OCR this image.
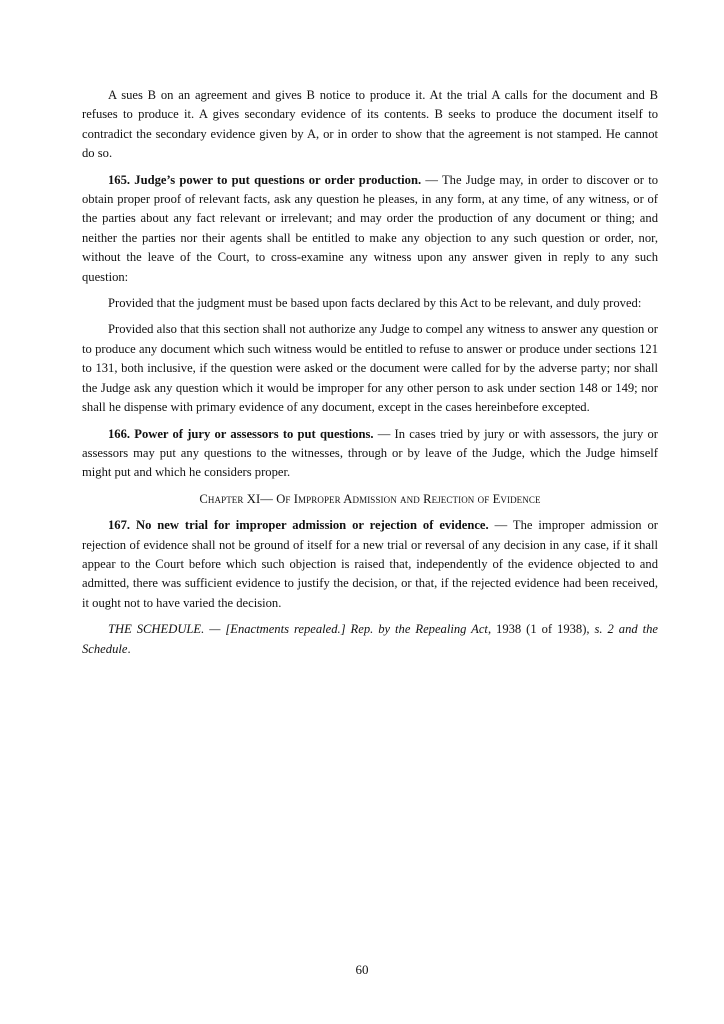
A sues B on an agreement and gives B notice to produce it. At the trial A calls for the document and B refuses to produce it. A gives secondary evidence of its contents. B seeks to produce the document itself to contradict the secondary evidence given by A, or in order to show that the agreement is not stamped. He cannot do so.

165. Judge’s power to put questions or order production. — The Judge may, in order to discover or to obtain proper proof of relevant facts, ask any question he pleases, in any form, at any time, of any witness, or of the parties about any fact relevant or irrelevant; and may order the production of any document or thing; and neither the parties nor their agents shall be entitled to make any objection to any such question or order, nor, without the leave of the Court, to cross-examine any witness upon any answer given in reply to any such question:

Provided that the judgment must be based upon facts declared by this Act to be relevant, and duly proved:

Provided also that this section shall not authorize any Judge to compel any witness to answer any question or to produce any document which such witness would be entitled to refuse to answer or produce under sections 121 to 131, both inclusive, if the question were asked or the document were called for by the adverse party; nor shall the Judge ask any question which it would be improper for any other person to ask under section 148 or 149; nor shall he dispense with primary evidence of any document, except in the cases hereinbefore excepted.

166. Power of jury or assessors to put questions. — In cases tried by jury or with assessors, the jury or assessors may put any questions to the witnesses, through or by leave of the Judge, which the Judge himself might put and which he considers proper.

Chapter XI— Of Improper Admission and Rejection of Evidence

167. No new trial for improper admission or rejection of evidence. — The improper admission or rejection of evidence shall not be ground of itself for a new trial or reversal of any decision in any case, if it shall appear to the Court before which such objection is raised that, independently of the evidence objected to and admitted, there was sufficient evidence to justify the decision, or that, if the rejected evidence had been received, it ought not to have varied the decision.

THE SCHEDULE. — [Enactments repealed.] Rep. by the Repealing Act, 1938 (1 of 1938), s. 2 and the Schedule.

60
